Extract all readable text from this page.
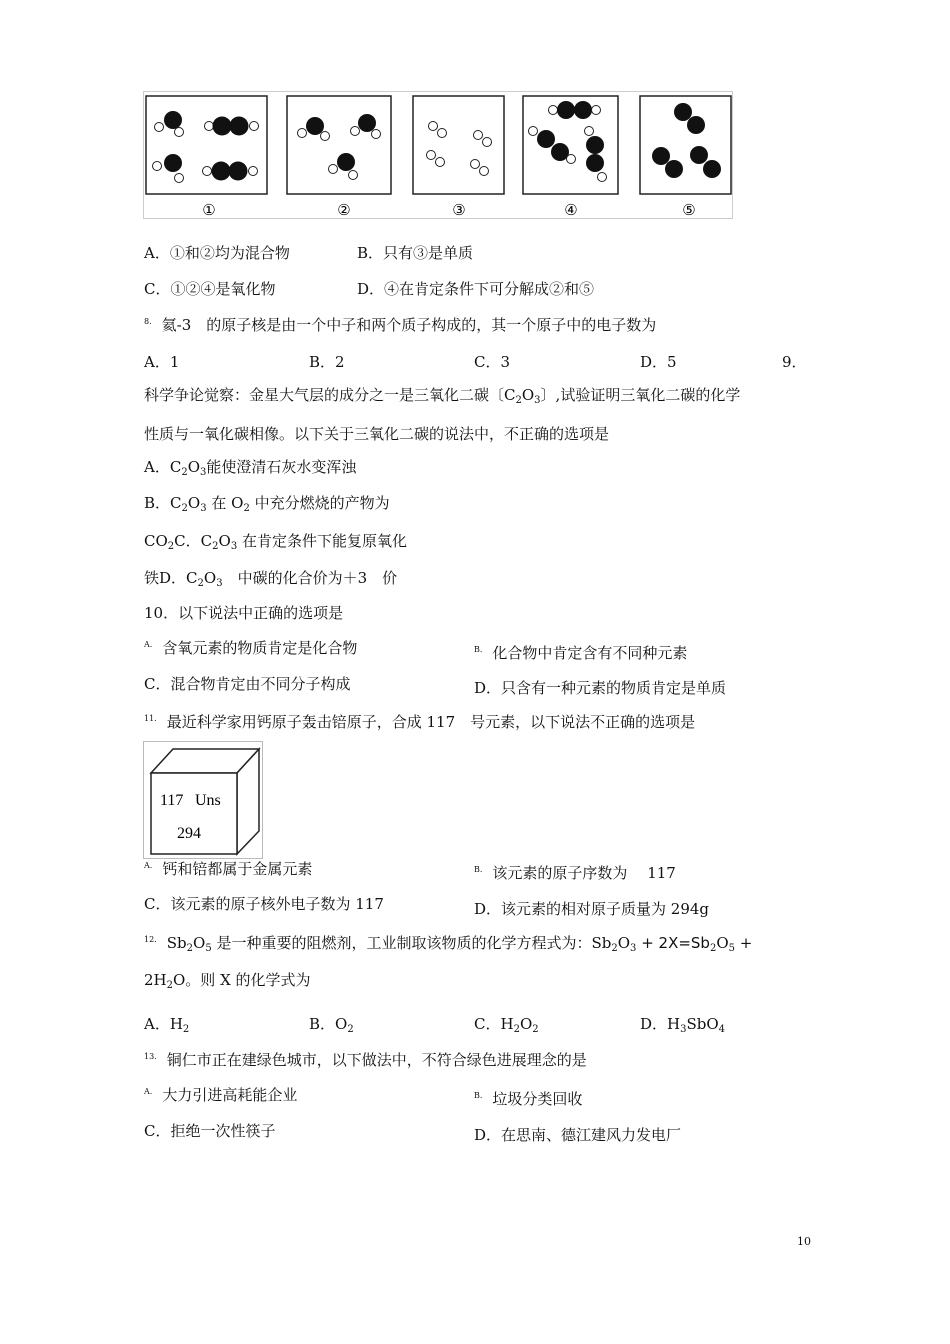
①	②	③	④	⑤
A．①和②均为混合物	B．只有③是单质
C．①②④是氧化物	D．④在肯定条件下可分解成②和⑤
$^{8.}$ 氦-3　的原子核是由一个中子和两个质子构成的，其一个原子中的电子数为
A．1	B．2	C．3	D．5	9．
科学争论觉察：金星大气层的成分之一是三氧化二碳〔$C_2O_3$〕,试验证明三氧化二碳的化学
性质与一氧化碳相像。以下关于三氧化二碳的说法中，不正确的选项是
A．$C_2O_3$能使澄清石灰水变浑浊
B．$C_2O_3$ 在 $O_2$ 中充分燃烧的产物为
$CO_2C$．$C_2O_3$ 在肯定条件下能复原氧化
铁D．$C_2O_3$　 中碳的化合价为＋3　价
10．以下说法中正确的选项是
$^{A.}$ 含氧元素的物质肯定是化合物	$^{B.}$ 化合物中肯定含有不同种元素
C．混合物肯定由不同分子构成	D．只含有一种元素的物质肯定是单质
$^{11.}$ 最近科学家用钙原子轰击锫原子，合成 117　号元素，以下说法不正确的选项是
117 Uns
294
$^{A.}$ 钙和锫都属于金属元素	$^{B.}$ 该元素的原子序数为　 117
C．该元素的原子核外电子数为 117	D．该元素的相对原子质量为 294g
$^{12.}$ $Sb_2O_5$ 是一种重要的阻燃剂，工业制取该物质的化学方程式为：$Sb_2O_3 + 2X=Sb_2O_5$ +
$2H_2O$。则 X 的化学式为
A．$H_2$	B．$O_2$	C．$H_2O_2$	D．$H_3SbO_4$
$^{13.}$ 铜仁市正在建绿色城市，以下做法中，不符合绿色进展理念的是
$^{A.}$ 大力引进高耗能企业	$^{B.}$ 垃圾分类回收
C．拒绝一次性筷子	D．在思南、德江建风力发电厂
10
